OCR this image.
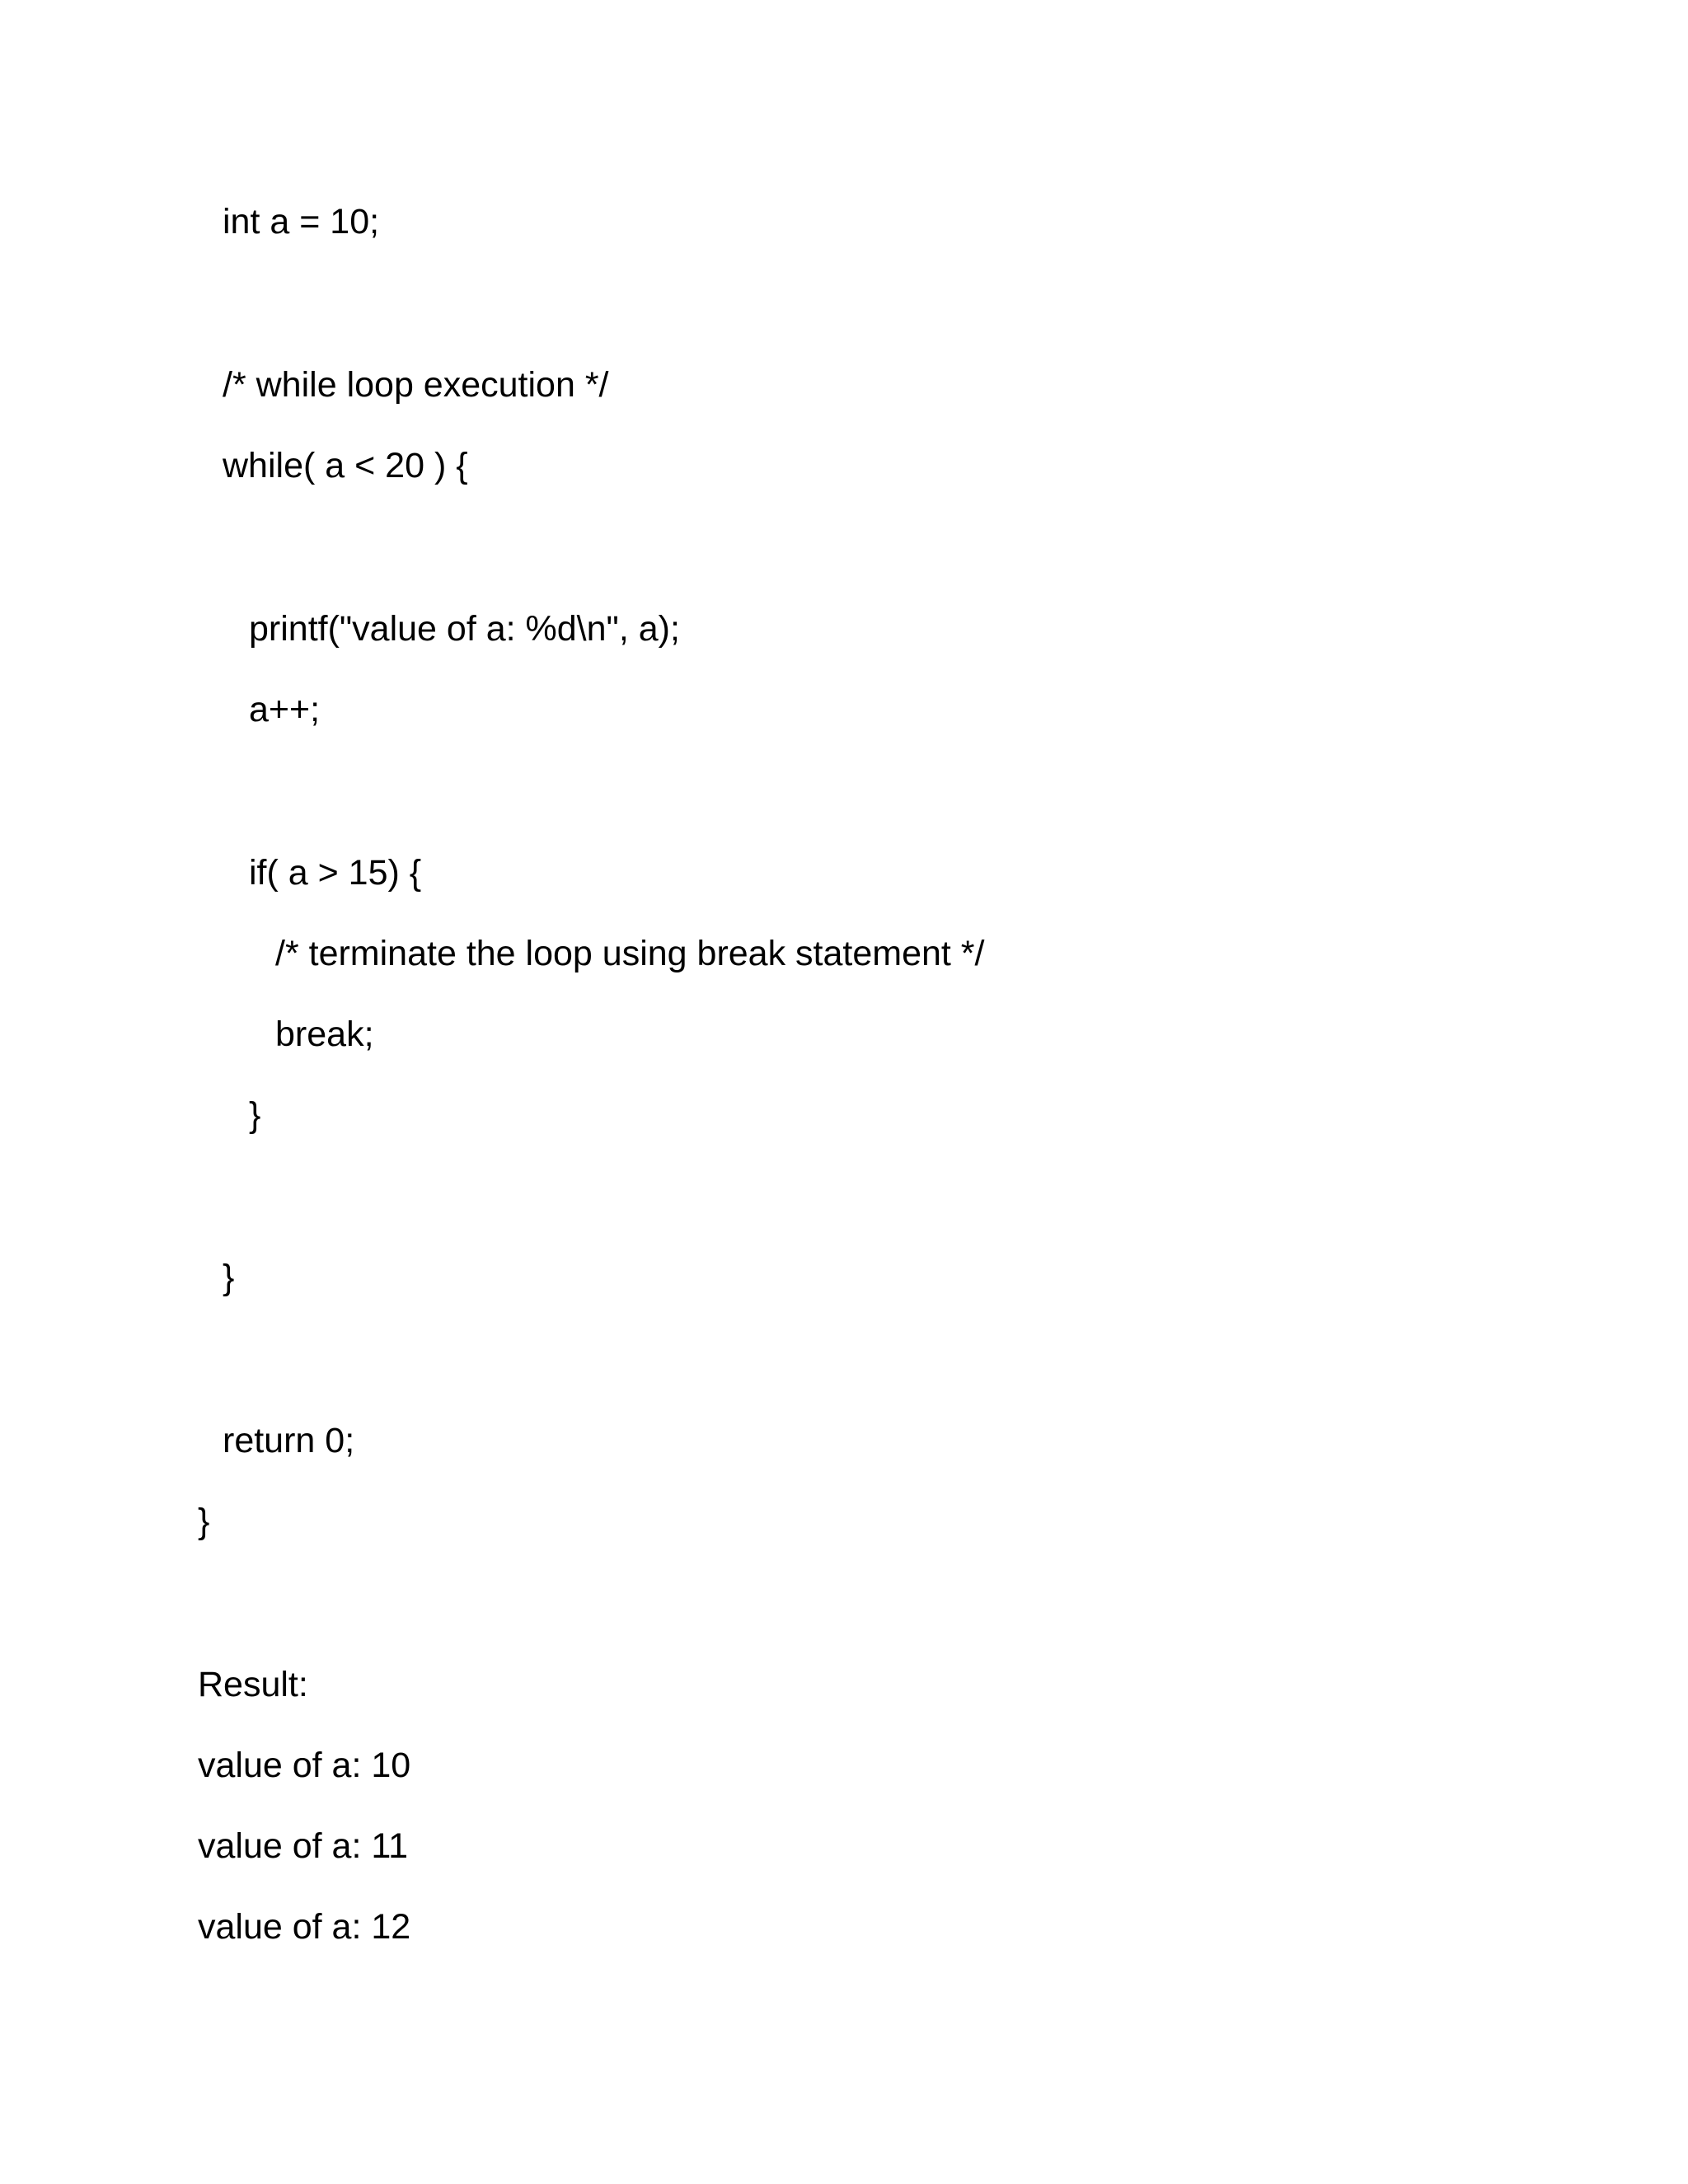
int a = 10;
/* while loop execution */
while( a < 20 ) {
printf("value of a: %d\n", a);
a++;
if( a > 15) {
/* terminate the loop using break statement */
break;
}
}
return 0;
}
Result:
value of a: 10
value of a: 11
value of a: 12
